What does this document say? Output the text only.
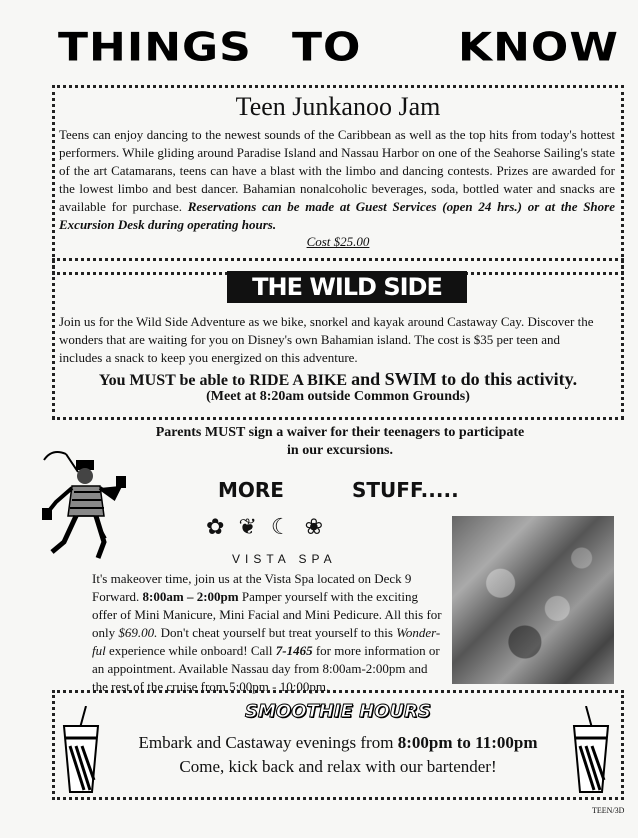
THINGS TO KNOW
Teen Junkanoo Jam
Teens can enjoy dancing to the newest sounds of the Caribbean as well as the top hits from today's hottest performers. While gliding around Paradise Island and Nassau Harbor on one of the Seahorse Sailing's state of the art Catamarans, teens can have a blast with the limbo and dancing contests. Prizes are awarded for the lowest limbo and best dancer. Bahamian nonalcoholic beverages, soda, bottled water and snacks are available for purchase. Reservations can be made at Guest Services (open 24 hrs.) or at the Shore Excursion Desk during operating hours.
Cost $25.00
THE WILD SIDE
Join us for the Wild Side Adventure as we bike, snorkel and kayak around Castaway Cay. Discover the wonders that are waiting for you on Disney's own Bahamian island. The cost is $35 per teen and includes a snack to keep you energized on this adventure.
You MUST be able to RIDE A BIKE and SWIM to do this activity.
(Meet at 8:20am outside Common Grounds)
Parents MUST sign a waiver for their teenagers to participate
in our excursions.
MORE	STUFF.....
✿❦☾❀
VISTA SPA
It's makeover time, join us at the Vista Spa located on Deck 9 Forward. 8:00am – 2:00pm Pamper yourself with the exciting offer of Mini Manicure, Mini Facial and Mini Pedicure. All this for only $69.00. Don't cheat yourself but treat yourself to this Wonder-ful experience while onboard! Call 7-1465 for more information or an appointment. Available Nassau day from 8:00am-2:00pm and the rest of the cruise from 5:00pm - 10:00pm.
SMOOTHIE HOURS
Embark and Castaway evenings from 8:00pm to 11:00pm
Come, kick back and relax with our bartender!
TEEN/3D
